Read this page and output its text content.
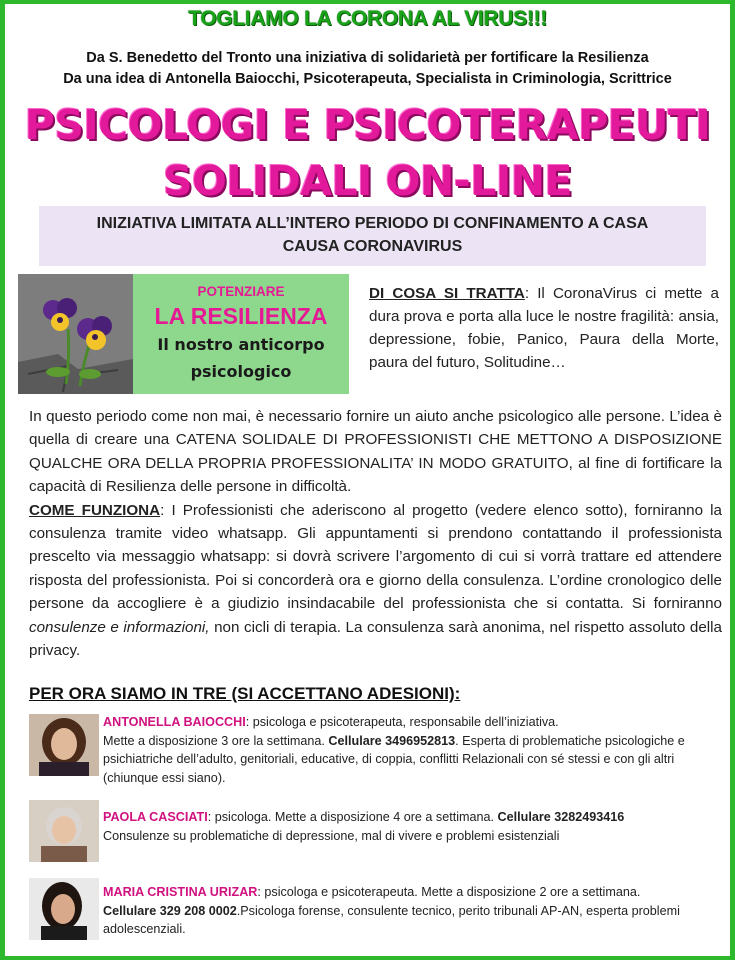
TOGLIAMO LA CORONA AL VIRUS!!!
Da S. Benedetto del Tronto una iniziativa di solidarietà per fortificare la Resilienza
Da una idea di Antonella Baiocchi, Psicoterapeuta, Specialista in Criminologia, Scrittrice
PSICOLOGI E PSICOTERAPEUTI
SOLIDALI ON-LINE
INIZIATIVA LIMITATA ALL’INTERO PERIODO DI CONFINAMENTO A CASA
CAUSA CORONAVIRUS
POTENZIARE
LA RESILIENZA
Il nostro anticorpo
psicologico
DI COSA SI TRATTA: Il CoronaVirus ci mette a dura prova e porta alla luce le nostre fragilità: ansia, depressione, fobie, Panico, Paura della Morte, paura del futuro, Solitudine…

In questo periodo come non mai, è necessario fornire un aiuto anche psicologico alle persone. L’idea è quella di creare una CATENA SOLIDALE DI PROFESSIONISTI CHE METTONO A DISPOSIZIONE QUALCHE ORA DELLA PROPRIA PROFESSIONALITA’ IN MODO GRATUITO, al fine di fortificare la capacità di Resilienza delle persone in difficoltà.

COME FUNZIONA: I Professionisti che aderiscono al progetto (vedere elenco sotto), forniranno la consulenza tramite video whatsapp. Gli appuntamenti si prendono contattando il professionista prescelto via messaggio whatsapp: si dovrà scrivere l’argomento di cui si vorrà trattare ed attendere risposta del professionista. Poi si concorderà ora e giorno della consulenza. L’ordine cronologico delle persone da accogliere è a giudizio insindacabile del professionista che si contatta. Si forniranno consulenze e informazioni, non cicli di terapia. La consulenza sarà anonima, nel rispetto assoluto della privacy.

PER ORA SIAMO IN TRE (SI ACCETTANO ADESIONI):
ANTONELLA BAIOCCHI: psicologa e psicoterapeuta, responsabile dell’iniziativa.
Mette a disposizione 3 ore la settimana. Cellulare 3496952813. Esperta di problematiche psicologiche e psichiatriche dell’adulto, genitoriali, educative, di coppia, conflitti Relazionali con sé stessi e con gli altri (chiunque essi siano).
PAOLA CASCIATI: psicologa. Mette a disposizione 4 ore a settimana. Cellulare 3282493416
Consulenze su problematiche di depressione, mal di vivere e problemi esistenziali
MARIA CRISTINA URIZAR: psicologa e psicoterapeuta. Mette a disposizione 2 ore a settimana.
Cellulare 329 208 0002.Psicologa forense, consulente tecnico, perito tribunali AP-AN, esperta problemi adolescenziali.
